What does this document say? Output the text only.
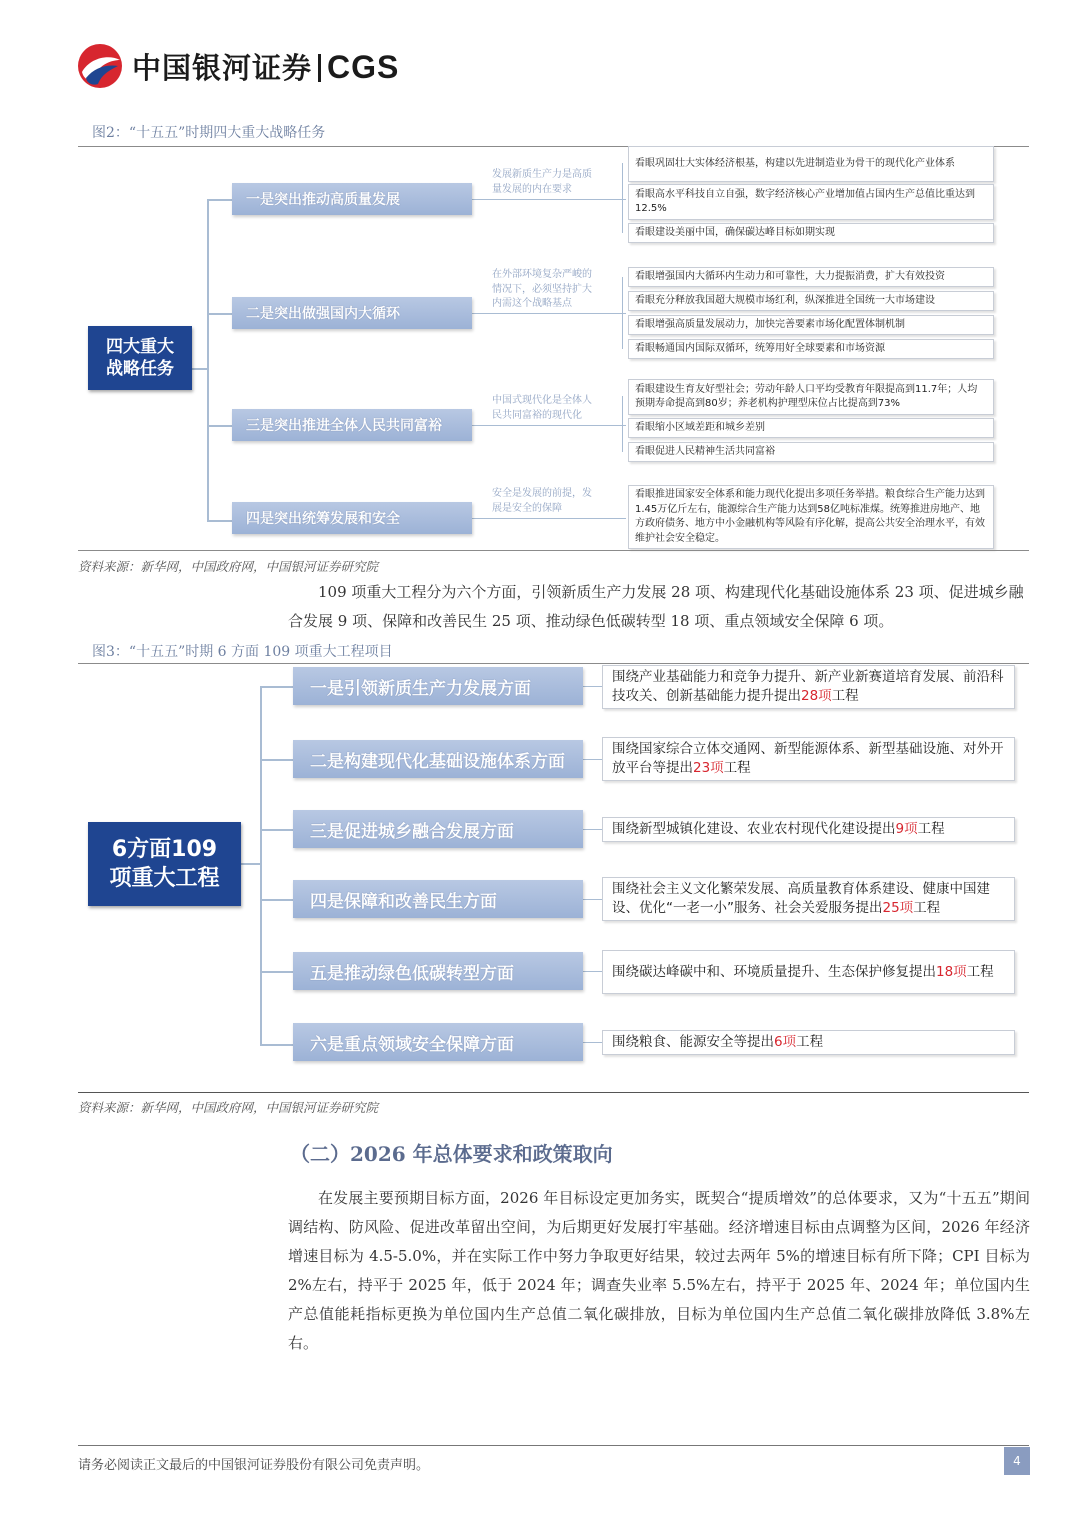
中国银河证券 CGS
图2：“十五五”时期四大重大战略任务
四大重大
战略任务
一是突出推动高质量发展
发展新质生产力是高质
量发展的内在要求
看眼巩固壮大实体经济根基，构建以先进制造业为骨干的现代化产业体系
看眼高水平科技自立自强，数字经济核心产业增加值占国内生产总值比重达到12.5%
看眼建设美丽中国，确保碳达峰目标如期实现
二是突出做强国内大循环
在外部环境复杂严峻的
情况下，必须坚持扩大
内需这个战略基点
看眼增强国内大循环内生动力和可靠性，大力提振消费，扩大有效投资
看眼充分释放我国超大规模市场红利，纵深推进全国统一大市场建设
看眼增强高质量发展动力，加快完善要素市场化配置体制机制
看眼畅通国内国际双循环，统筹用好全球要素和市场资源
三是突出推进全体人民共同富裕
中国式现代化是全体人
民共同富裕的现代化
看眼建设生育友好型社会；劳动年龄人口平均受教育年限提高到11.7年；人均预期寿命提高到80岁；养老机构护理型床位占比提高到73%
看眼缩小区域差距和城乡差别
看眼促进人民精神生活共同富裕
四是突出统筹发展和安全
安全是发展的前提，发
展是安全的保障
看眼推进国家安全体系和能力现代化提出多项任务举措。粮食综合生产能力达到1.45万亿斤左右，能源综合生产能力达到58亿吨标准煤。统筹推进房地产、地方政府债务、地方中小金融机构等风险有序化解，提高公共安全治理水平，有效维护社会安全稳定。
资料来源：新华网，中国政府网，中国银河证券研究院
109 项重大工程分为六个方面，引领新质生产力发展 28 项、构建现代化基础设施体系 23 项、促进城乡融合发展 9 项、保障和改善民生 25 项、推动绿色低碳转型 18 项、重点领域安全保障 6 项。
图3：“十五五”时期 6 方面 109 项重大工程项目
6方面109
项重大工程
一是引领新质生产力发展方面
围绕产业基础能力和竞争力提升、新产业新赛道培育发展、前沿科技攻关、创新基础能力提升提出28项工程
二是构建现代化基础设施体系方面
围绕国家综合立体交通网、新型能源体系、新型基础设施、对外开放平台等提出23项工程
三是促进城乡融合发展方面	围绕新型城镇化建设、农业农村现代化建设提出9项工程
四是保障和改善民生方面
围绕社会主义文化繁荣发展、高质量教育体系建设、健康中国建设、优化“一老一小”服务、社会关爱服务提出25项工程
五是推动绿色低碳转型方面	围绕碳达峰碳中和、环境质量提升、生态保护修复提出18项工程
六是重点领域安全保障方面	围绕粮食、能源安全等提出6项工程
资料来源：新华网，中国政府网，中国银河证券研究院
（二）2026 年总体要求和政策取向
在发展主要预期目标方面，2026 年目标设定更加务实，既契合“提质增效”的总体要求，又为“十五五”期间调结构、防风险、促进改革留出空间，为后期更好发展打牢基础。经济增速目标由点调整为区间，2026 年经济增速目标为 4.5-5.0%，并在实际工作中努力争取更好结果，较过去两年 5%的增速目标有所下降；CPI 目标为 2%左右，持平于 2025 年，低于 2024 年；调查失业率 5.5%左右，持平于 2025 年、2024 年；单位国内生产总值能耗指标更换为单位国内生产总值二氧化碳排放，目标为单位国内生产总值二氧化碳排放降低 3.8%左右。
请务必阅读正文最后的中国银河证券股份有限公司免责声明。	4
